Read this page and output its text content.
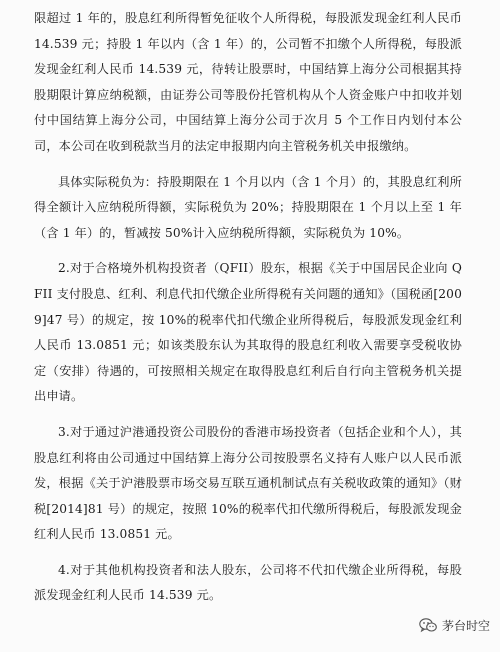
限超过 1 年的，股息红利所得暂免征收个人所得税，每股派发现金红利人民币 14.539 元；持股 1 年以内（含 1 年）的，公司暂不扣缴个人所得税，每股派发现金红利人民币 14.539 元，待转让股票时，中国结算上海分公司根据其持股期限计算应纳税额，由证券公司等股份托管机构从个人资金账户中扣收并划付中国结算上海分公司，中国结算上海分公司于次月 5 个工作日内划付本公司，本公司在收到税款当月的法定申报期内向主管税务机关申报缴纳。

具体实际税负为：持股期限在 1 个月以内（含 1 个月）的，其股息红利所得全额计入应纳税所得额，实际税负为 20%；持股期限在 1 个月以上至 1 年（含 1 年）的，暂减按 50%计入应纳税所得额，实际税负为 10%。

2.对于合格境外机构投资者（QFII）股东，根据《关于中国居民企业向 QFII 支付股息、红利、利息代扣代缴企业所得税有关问题的通知》（国税函[2009]47 号）的规定，按 10%的税率代扣代缴企业所得税后，每股派发现金红利人民币 13.0851 元；如该类股东认为其取得的股息红利收入需要享受税收协定（安排）待遇的，可按照相关规定在取得股息红利后自行向主管税务机关提出申请。

3.对于通过沪港通投资公司股份的香港市场投资者（包括企业和个人），其股息红利将由公司通过中国结算上海分公司按股票名义持有人账户以人民币派发，根据《关于沪港股票市场交易互联互通机制试点有关税收政策的通知》（财税[2014]81 号）的规定，按照 10%的税率代扣代缴所得税后，每股派发现金红利人民币 13.0851 元。

4.对于其他机构投资者和法人股东，公司将不代扣代缴企业所得税，每股派发现金红利人民币 14.539 元。

茅台时空
